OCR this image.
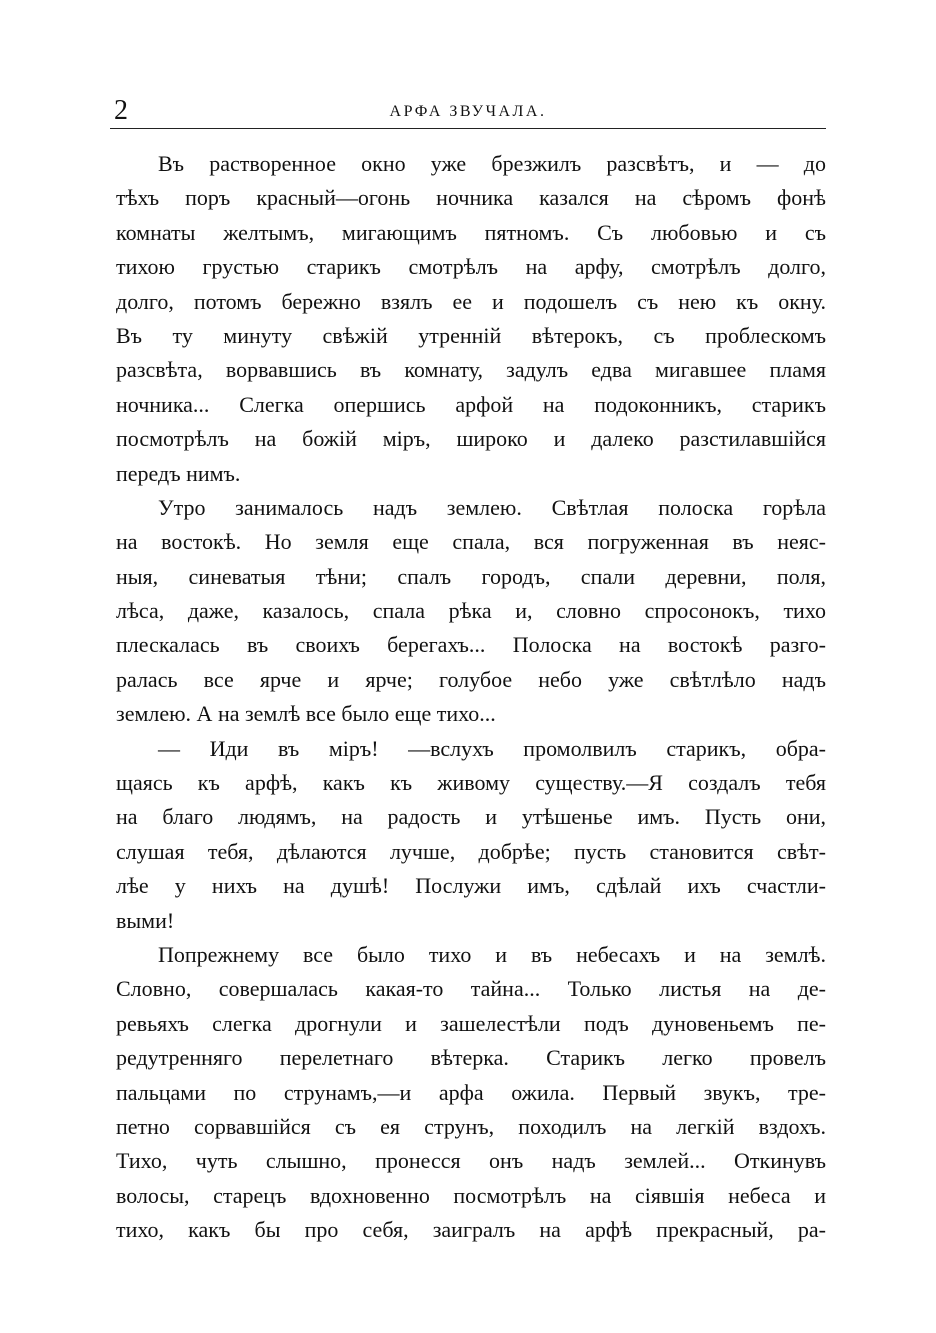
2	АРФА ЗВУЧАЛА.
Въ растворенное окно уже брезжилъ разсвѣтъ, и — до
тѣхъ поръ красный—огонь ночника казался на сѣромъ фонѣ
комнаты желтымъ, мигающимъ пятномъ. Съ любовью и съ
тихою грустью старикъ смотрѣлъ на арфу, смотрѣлъ долго,
долго, потомъ бережно взялъ ее и подошелъ съ нею къ окну.
Въ ту минуту свѣжій утренній вѣтерокъ, съ проблескомъ
разсвѣта, ворвавшись въ комнату, задулъ едва мигавшее пламя
ночника... Слегка опершись арфой на подоконникъ, старикъ
посмотрѣлъ на божій міръ, широко и далеко разстилавшійся
передъ нимъ.
Утро занималось надъ землею. Свѣтлая полоска горѣла
на востокѣ. Но земля еще спала, вся погруженная въ неяс-
ныя, синеватыя тѣни; спалъ городъ, спали деревни, поля,
лѣса, даже, казалось, спала рѣка и, словно спросонокъ, тихо
плескалась въ своихъ берегахъ... Полоска на востокѣ разго-
ралась все ярче и ярче; голубое небо уже свѣтлѣло надъ
землею. А на землѣ все было еще тихо...
— Иди въ міръ! —вслухъ промолвилъ старикъ, обра-
щаясь къ арфѣ, какъ къ живому существу.—Я создалъ тебя
на благо людямъ, на радость и утѣшенье имъ. Пусть они,
слушая тебя, дѣлаются лучше, добрѣе; пусть становится свѣт-
лѣе у нихъ на душѣ! Послужи имъ, сдѣлай ихъ счастли-
выми!
Попрежнему все было тихо и въ небесахъ и на землѣ.
Словно, совершалась какая-то тайна... Только листья на де-
ревьяхъ слегка дрогнули и зашелестѣли подъ дуновеньемъ пе-
редутренняго перелетнаго вѣтерка. Старикъ легко провелъ
пальцами по струнамъ,—и арфа ожила. Первый звукъ, тре-
петно сорвавшійся съ ея струнъ, походилъ на легкій вздохъ.
Тихо, чуть слышно, пронесся онъ надъ землей... Откинувъ
волосы, старецъ вдохновенно посмотрѣлъ на сіявшія небеса и
тихо, какъ бы про себя, заигралъ на арфѣ прекрасный, ра-
